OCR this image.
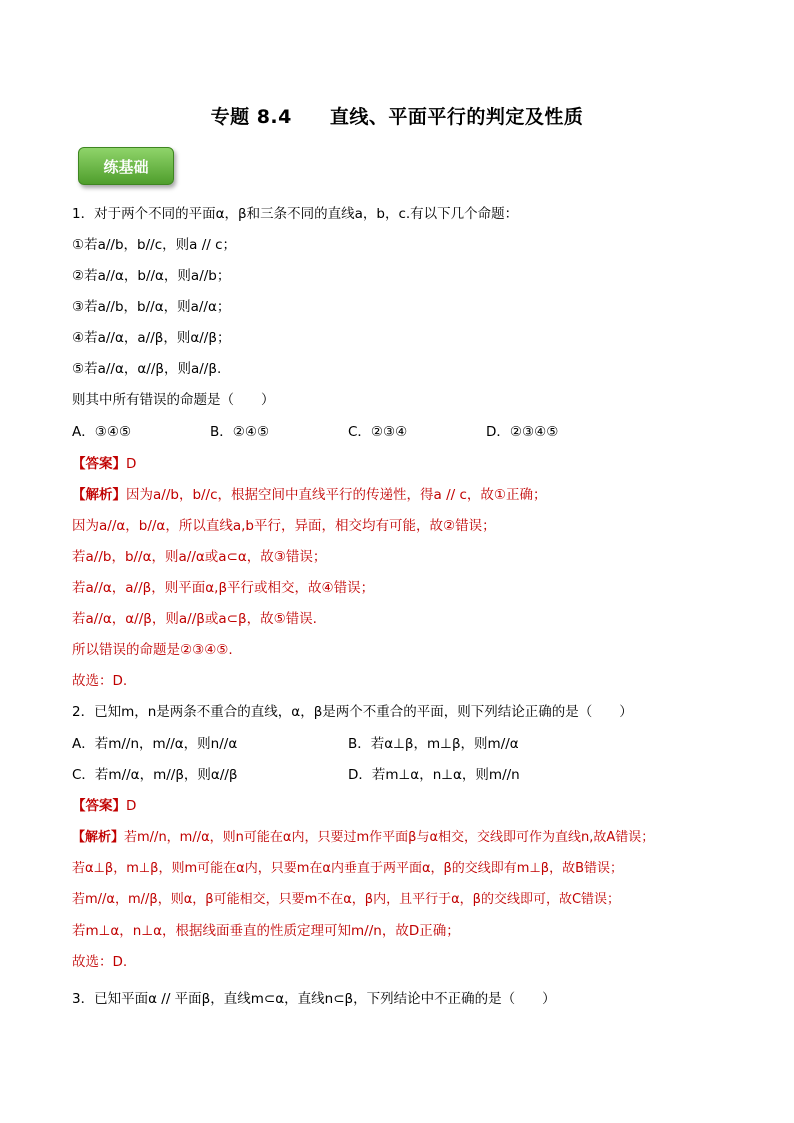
专题 8.4 直线、平面平行的判定及性质
练基础
1．对于两个不同的平面α，β和三条不同的直线a，b，c.有以下几个命题：
①若a//b，b//c，则a // c；
②若a//α，b//α，则a//b；
③若a//b，b//α，则a//α；
④若a//α，a//β，则α//β；
⑤若a//α，α//β，则a//β.
则其中所有错误的命题是（　　）
A．③④⑤	B．②④⑤	C．②③④	D．②③④⑤
【答案】D
【解析】因为a//b，b//c，根据空间中直线平行的传递性，得a // c，故①正确；
因为a//α，b//α，所以直线a,b平行，异面，相交均有可能，故②错误；
若a//b，b//α，则a//α或a⊂α，故③错误；
若a//α，a//β，则平面α,β平行或相交，故④错误；
若a//α，α//β，则a//β或a⊂β，故⑤错误.
所以错误的命题是②③④⑤.
故选：D.
2．已知m，n是两条不重合的直线，α，β是两个不重合的平面，则下列结论正确的是（　　）
A．若m//n，m//α，则n//α	B．若α⊥β，m⊥β，则m//α
C．若m//α，m//β，则α//β	D．若m⊥α，n⊥α，则m//n
【答案】D
【解析】若m//n，m//α，则n可能在α内，只要过m作平面β与α相交，交线即可作为直线n,故A错误；
若α⊥β，m⊥β，则m可能在α内，只要m在α内垂直于两平面α，β的交线即有m⊥β，故B错误；
若m//α，m//β，则α，β可能相交，只要m不在α，β内，且平行于α，β的交线即可，故C错误；
若m⊥α，n⊥α，根据线面垂直的性质定理可知m//n，故D正确；
故选：D.
3．已知平面α // 平面β，直线m⊂α，直线n⊂β，下列结论中不正确的是（　　）
